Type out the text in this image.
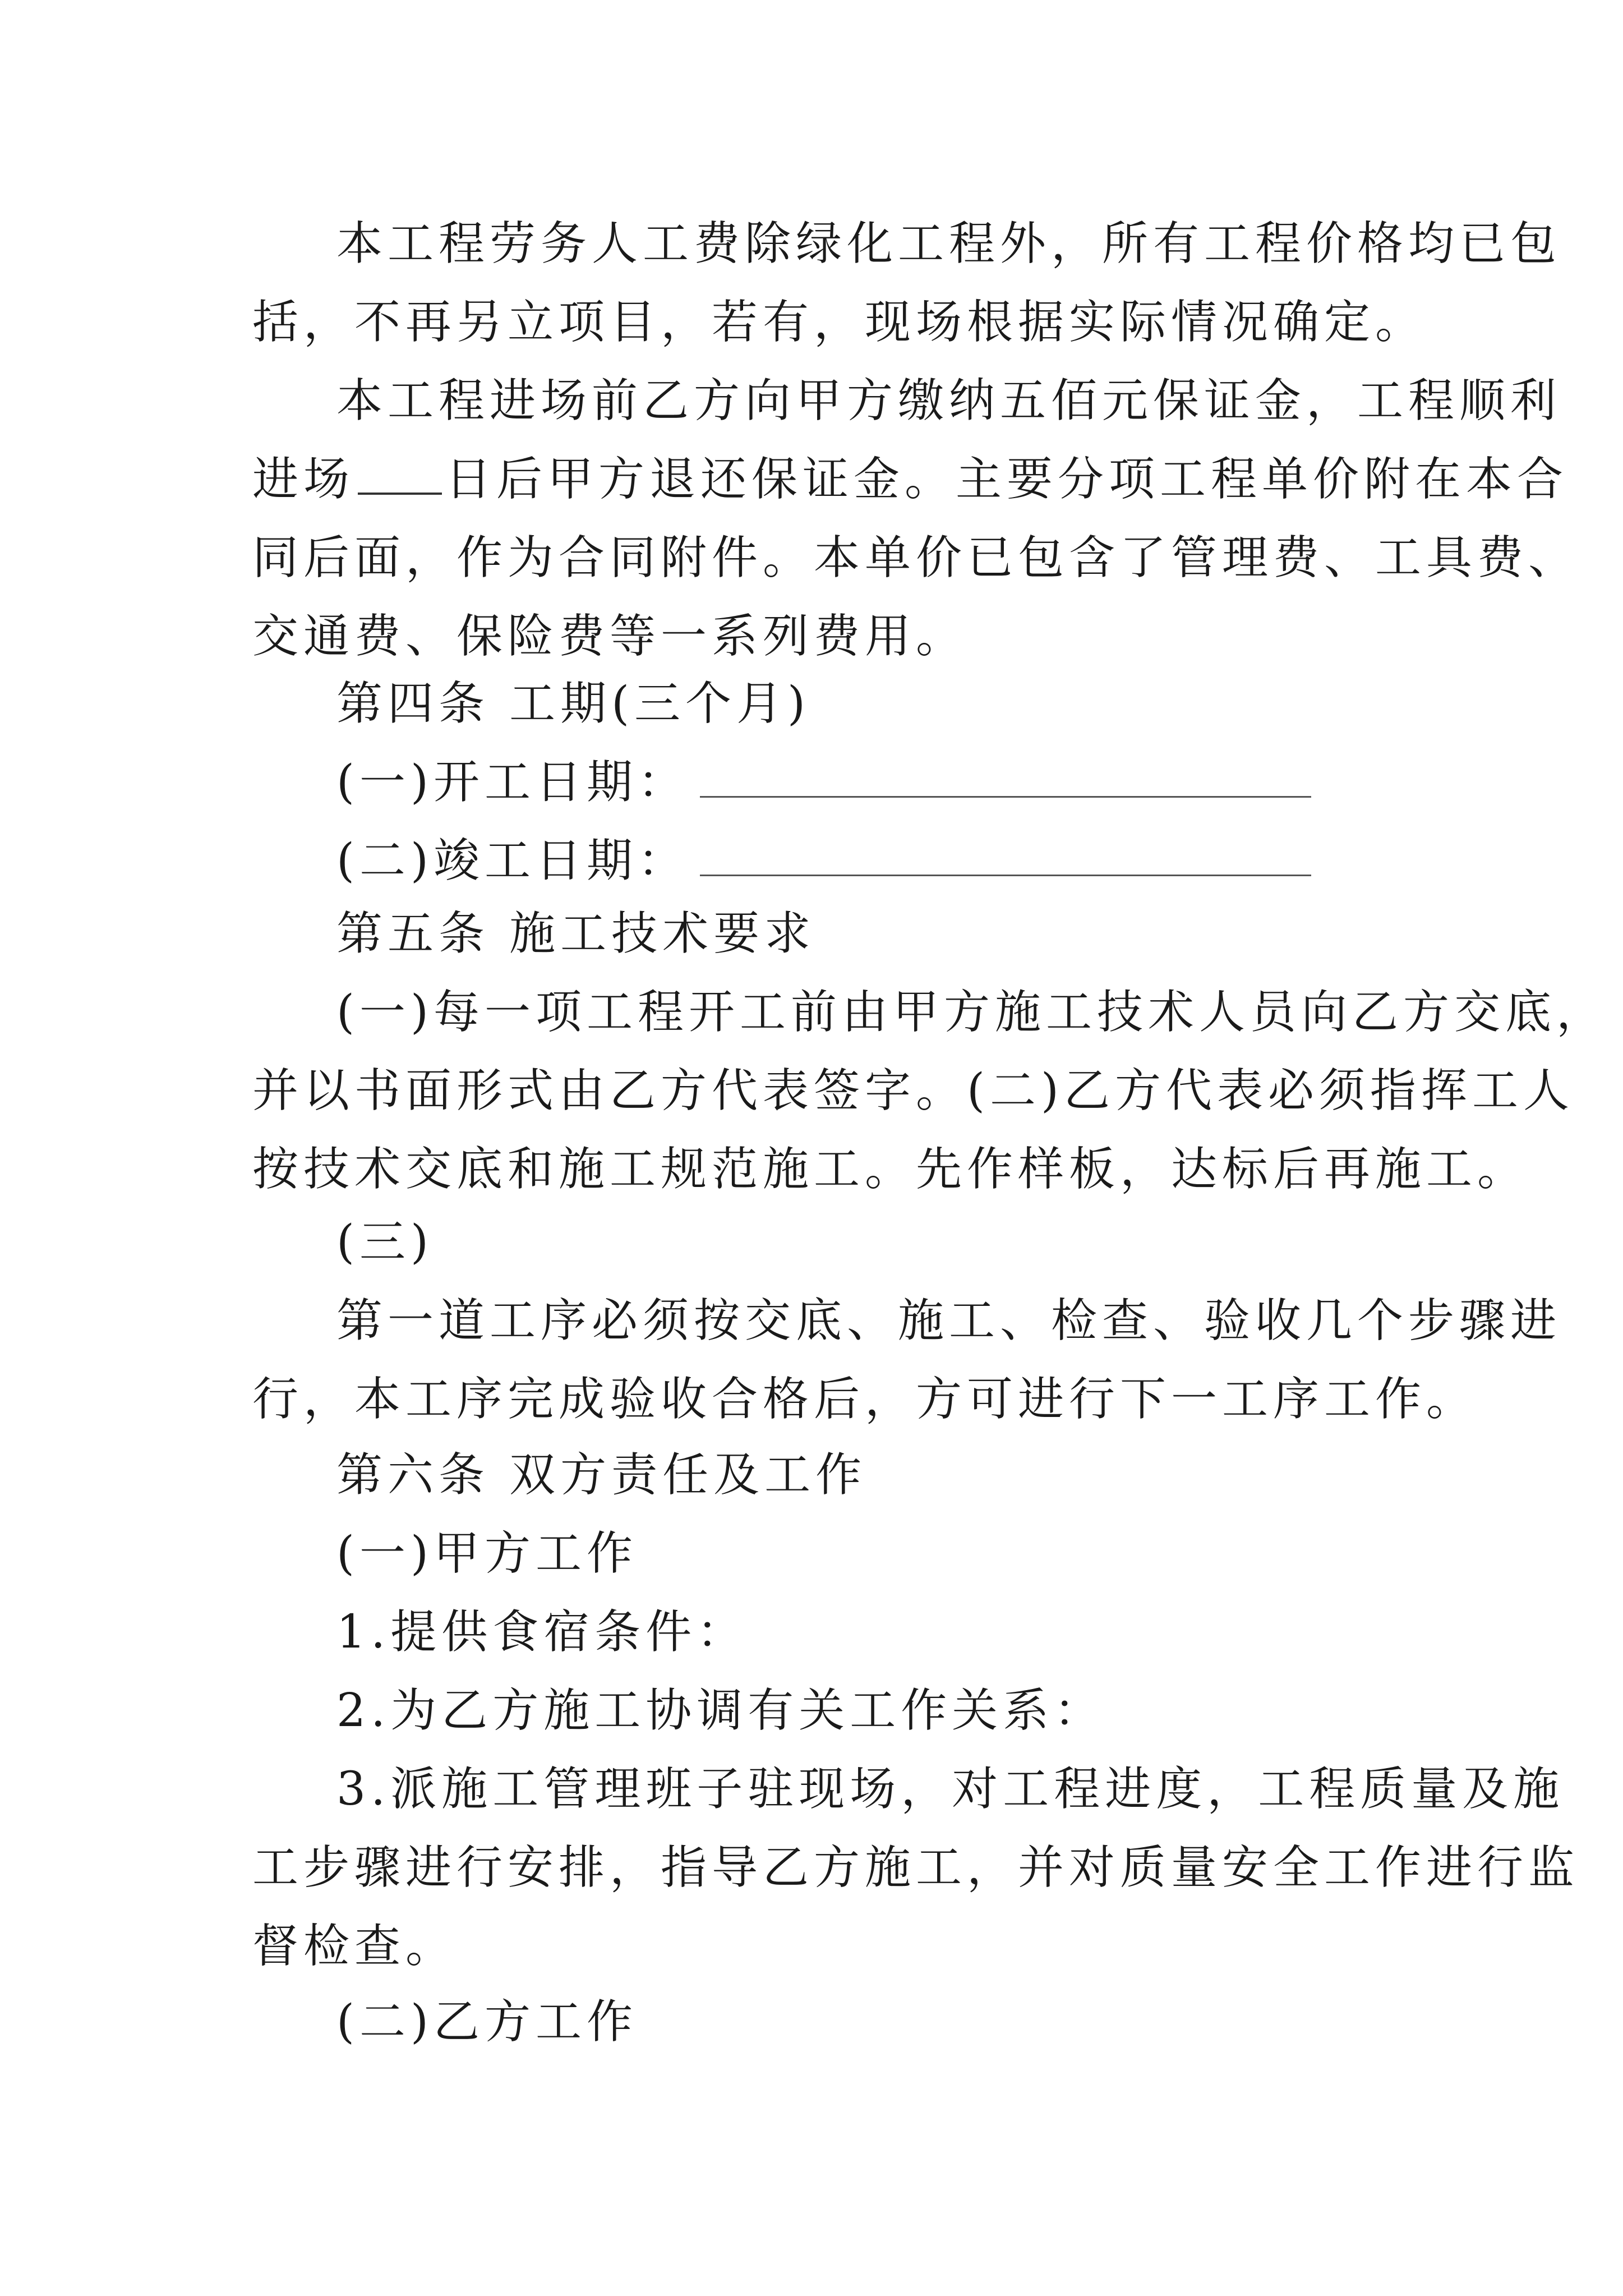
本工程劳务人工费除绿化工程外，所有工程价格均已包
括，不再另立项目，若有，现场根据实际情况确定。
本工程进场前乙方向甲方缴纳五佰元保证金，工程顺利
进场 日后甲方退还保证金。主要分项工程单价附在本合
同后面，作为合同附件。本单价已包含了管理费、工具费、
交通费、保险费等一系列费用。
第四条 工期(三个月)
(一)开工日期：
(二)竣工日期：
第五条 施工技术要求
(一)每一项工程开工前由甲方施工技术人员向乙方交底，
并以书面形式由乙方代表签字。(二)乙方代表必须指挥工人
按技术交底和施工规范施工。先作样板，达标后再施工。
(三)
第一道工序必须按交底、施工、检查、验收几个步骤进
行，本工序完成验收合格后，方可进行下一工序工作。
第六条 双方责任及工作
(一)甲方工作
1.提供食宿条件：
2.为乙方施工协调有关工作关系：
3.派施工管理班子驻现场，对工程进度，工程质量及施
工步骤进行安排，指导乙方施工，并对质量安全工作进行监
督检查。
(二)乙方工作
